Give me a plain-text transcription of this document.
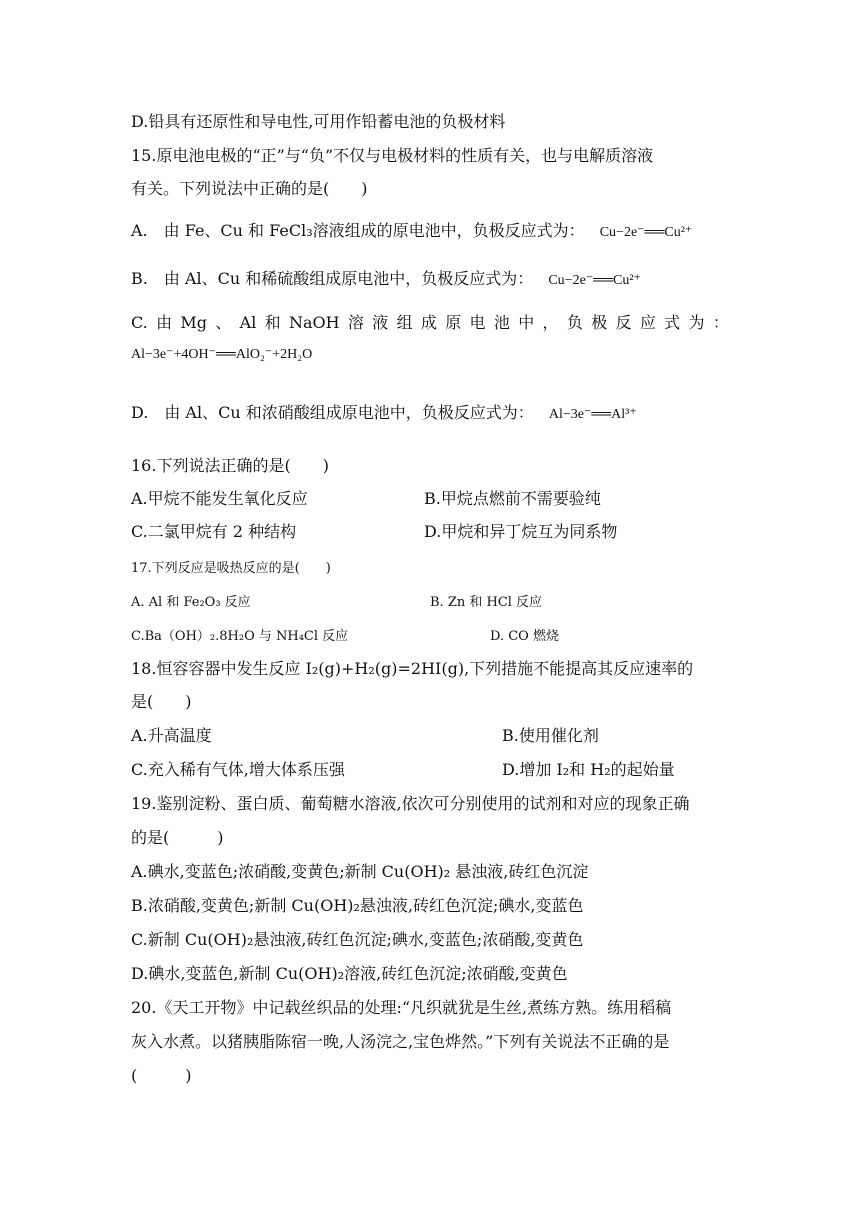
D.铅具有还原性和导电性,可用作铅蓄电池的负极材料
15.原电池电极的“正”与“负”不仅与电极材料的性质有关，也与电解质溶液
有关。下列说法中正确的是(　　)
A.　由 Fe、Cu 和 FeCl₃溶液组成的原电池中，负极反应式为： Cu−2e⁻══Cu²⁺
B.　由 Al、Cu 和稀硫酸组成原电池中，负极反应式为： Cu−2e⁻══Cu²⁺
C. 由 Mg 、 Al 和 NaOH 溶 液 组 成 原 电 池 中 ， 负 极 反 应 式 为 ：
Al−3e⁻+4OH⁻══AlO₂⁻+2H₂O
D.　由 Al、Cu 和浓硝酸组成原电池中，负极反应式为： Al−3e⁻══Al³⁺
16.下列说法正确的是(　　)
A.甲烷不能发生氧化反应	B.甲烷点燃前不需要验纯
C.二氯甲烷有 2 种结构	D.甲烷和异丁烷互为同系物
17.下列反应是吸热反应的是(　　)
A. Al 和 Fe₂O₃ 反应	B. Zn 和 HCl 反应
C.Ba（OH）₂.8H₂O 与 NH₄Cl 反应	D. CO 燃烧
18.恒容容器中发生反应 I₂(g)+H₂(g)=2HI(g),下列措施不能提高其反应速率的
是(　　)
A.升高温度	B.使用催化剂
C.充入稀有气体,增大体系压强	D.增加 I₂和 H₂的起始量
19.鉴别淀粉、蛋白质、葡萄糖水溶液,依次可分别使用的试剂和对应的现象正确
的是(　　　)
A.碘水,变蓝色;浓硝酸,变黄色;新制 Cu(OH)₂ 悬浊液,砖红色沉淀
B.浓硝酸,变黄色;新制 Cu(OH)₂悬浊液,砖红色沉淀;碘水,变蓝色
C.新制 Cu(OH)₂悬浊液,砖红色沉淀;碘水,变蓝色;浓硝酸,变黄色
D.碘水,变蓝色,新制 Cu(OH)₂溶液,砖红色沉淀;浓硝酸,变黄色
20.《天工开物》中记载丝织品的处理:“凡织就犹是生丝,煮练方熟。练用稻稿
灰入水煮。以猪胰脂陈宿一晚,人汤浣之,宝色烨然。”下列有关说法不正确的是
(　　　)
